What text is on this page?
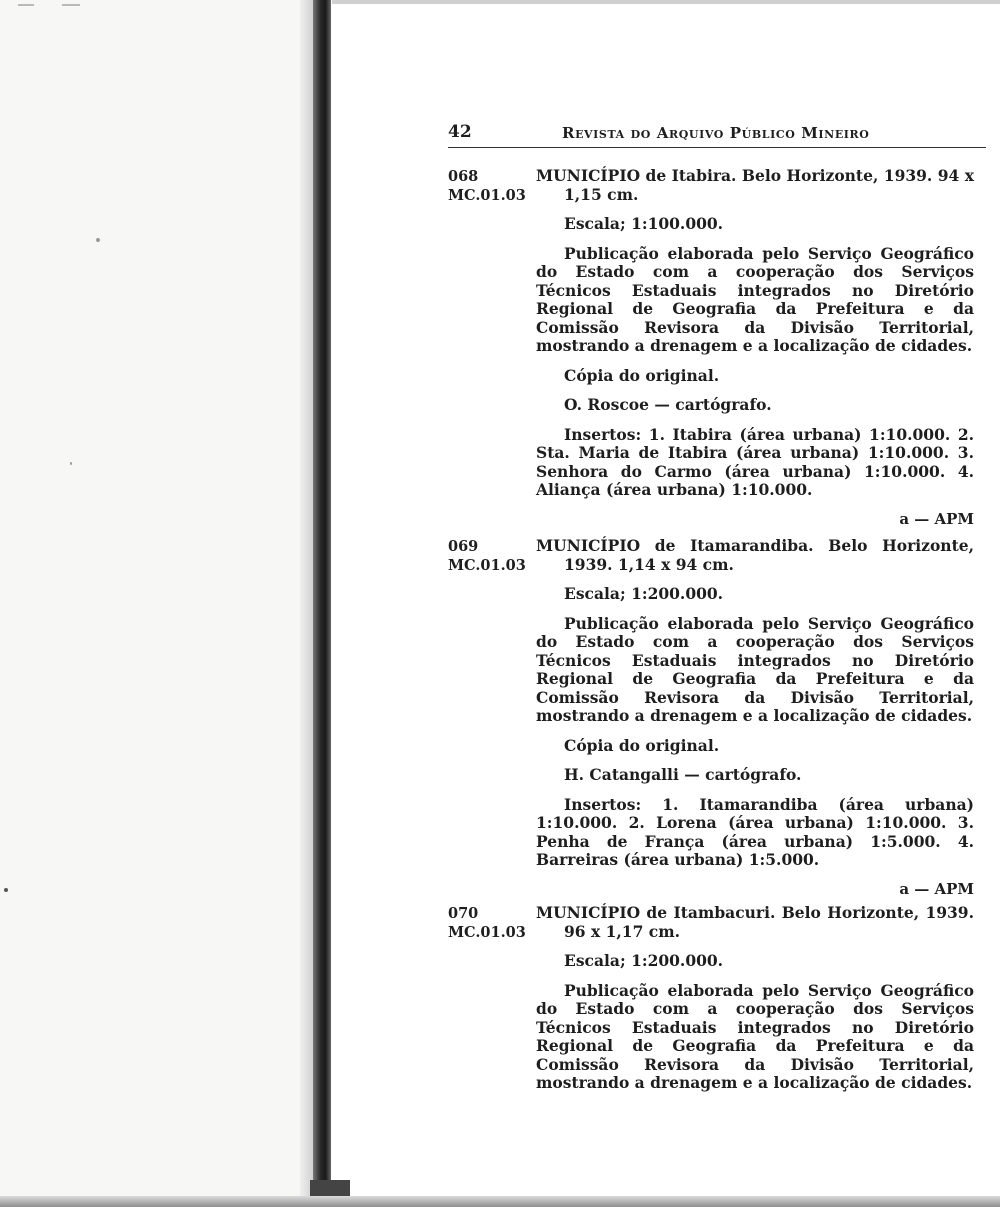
42	Revista do Arquivo Público Mineiro
068
MC.01.03

MUNICÍPIO de Itabira. Belo Horizonte, 1939. 94 x 1,15 cm.

Escala; 1:100.000.

Publicação elaborada pelo Serviço Geográfico do Estado com a cooperação dos Serviços Técnicos Estaduais integrados no Diretório Regional de Geografia da Prefeitura e da Comissão Revisora da Divisão Territorial, mostrando a drenagem e a localização de cidades.

Cópia do original.

O. Roscoe — cartógrafo.

Insertos: 1. Itabira (área urbana) 1:10.000. 2. Sta. Maria de Itabira (área urbana) 1:10.000. 3. Senhora do Carmo (área urbana) 1:10.000. 4. Aliança (área urbana) 1:10.000.

a — APM

069
MC.01.03

MUNICÍPIO de Itamarandiba. Belo Horizonte, 1939. 1,14 x 94 cm.

Escala; 1:200.000.

Publicação elaborada pelo Serviço Geográfico do Estado com a cooperação dos Serviços Técnicos Estaduais integrados no Diretório Regional de Geografia da Prefeitura e da Comissão Revisora da Divisão Territorial, mostrando a drenagem e a localização de cidades.

Cópia do original.

H. Catangalli — cartógrafo.

Insertos: 1. Itamarandiba (área urbana) 1:10.000. 2. Lorena (área urbana) 1:10.000. 3. Penha de França (área urbana) 1:5.000. 4. Barreiras (área urbana) 1:5.000.

a — APM

070
MC.01.03

MUNICÍPIO de Itambacuri. Belo Horizonte, 1939. 96 x 1,17 cm.

Escala; 1:200.000.

Publicação elaborada pelo Serviço Geográfico do Estado com a cooperação dos Serviços Técnicos Estaduais integrados no Diretório Regional de Geografia da Prefeitura e da Comissão Revisora da Divisão Territorial, mostrando a drenagem e a localização de cidades.
